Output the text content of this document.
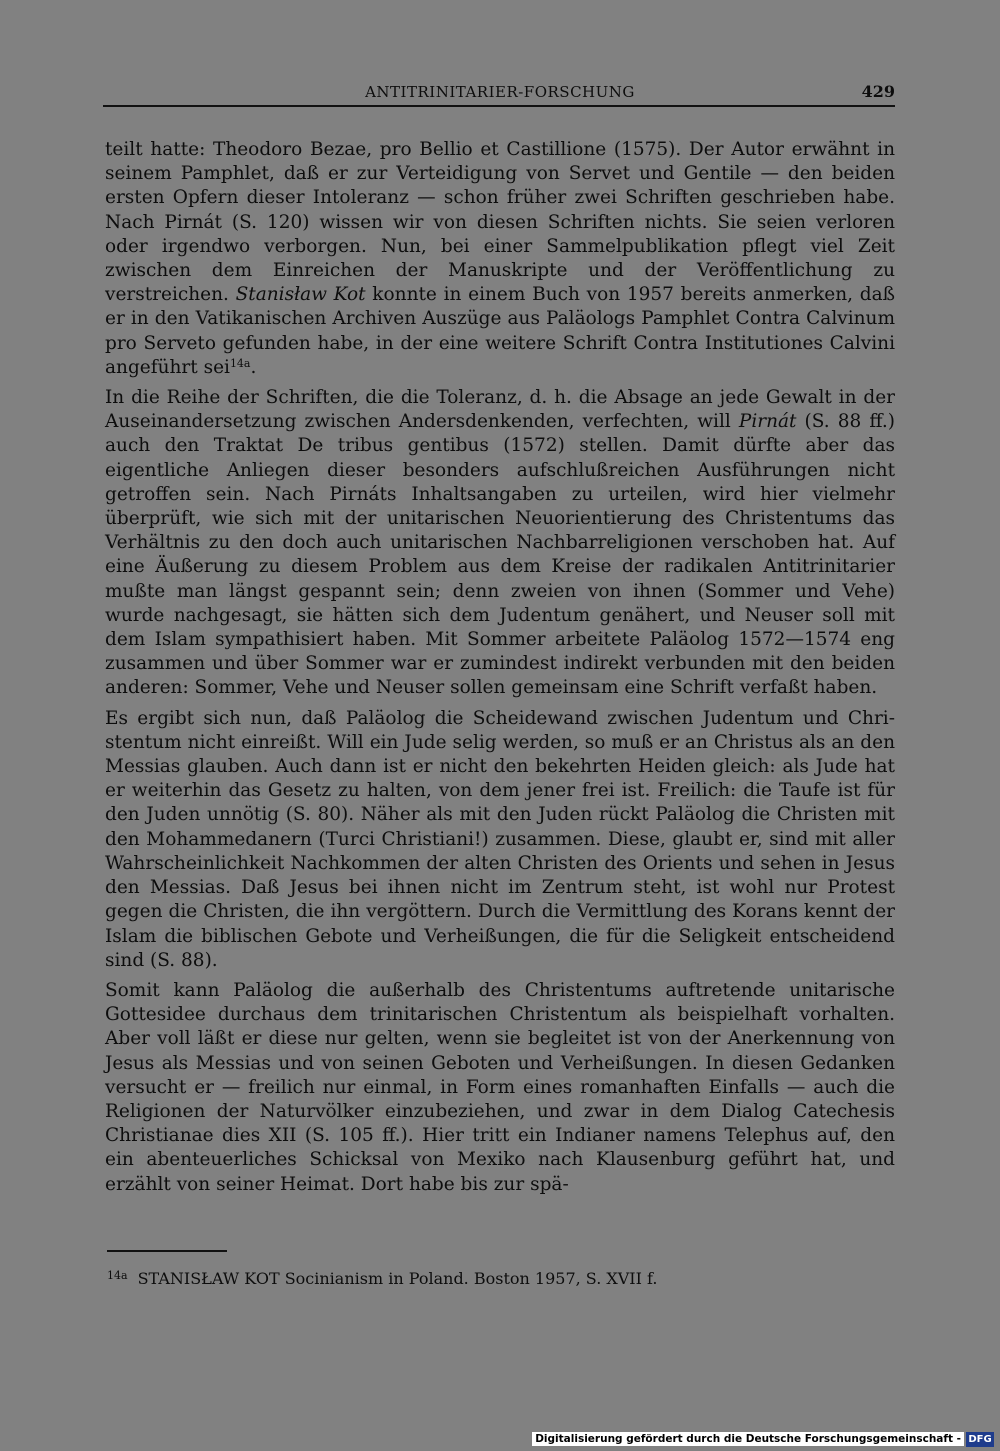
ANTITRINITARIER-FORSCHUNG	429

teilt hatte: Theodoro Bezae, pro Bellio et Castillione (1575). Der Autor erwähnt in seinem Pamphlet, daß er zur Verteidigung von Servet und Gentile — den beiden ersten Opfern dieser Intoleranz — schon früher zwei Schriften geschrieben habe. Nach Pirnát (S. 120) wissen wir von diesen Schriften nichts. Sie seien verloren oder irgendwo verborgen. Nun, bei einer Sammelpublikation pflegt viel Zeit zwischen dem Einreichen der Manuskripte und der Veröffentlichung zu verstreichen. Stanisław Kot konnte in einem Buch von 1957 bereits anmerken, daß er in den Vatikanischen Archiven Auszüge aus Paläologs Pamphlet Contra Calvinum pro Serveto gefunden habe, in der eine weitere Schrift Contra Institutiones Calvini angeführt sei$^{14a}$.

In die Reihe der Schriften, die die Toleranz, d. h. die Absage an jede Gewalt in der Auseinandersetzung zwischen Andersdenkenden, verfechten, will Pirnát (S. 88 ff.) auch den Traktat De tribus gentibus (1572) stellen. Damit dürfte aber das eigentliche Anliegen dieser besonders aufschlußreichen Ausführungen nicht getroffen sein. Nach Pirnáts Inhaltsangaben zu urteilen, wird hier vielmehr überprüft, wie sich mit der unitarischen Neuorientierung des Christentums das Verhältnis zu den doch auch unitarischen Nachbarreligionen verschoben hat. Auf eine Äußerung zu diesem Problem aus dem Kreise der radikalen Antitrinitarier mußte man längst gespannt sein; denn zweien von ihnen (Sommer und Vehe) wurde nachgesagt, sie hätten sich dem Judentum genähert, und Neuser soll mit dem Islam sympathisiert haben. Mit Sommer arbeitete Paläolog 1572—1574 eng zusammen und über Sommer war er zumindest indirekt verbunden mit den beiden anderen: Sommer, Vehe und Neuser sollen gemeinsam eine Schrift verfaßt haben.

Es ergibt sich nun, daß Paläolog die Scheidewand zwischen Judentum und Christentum nicht einreißt. Will ein Jude selig werden, so muß er an Christus als an den Messias glauben. Auch dann ist er nicht den bekehrten Heiden gleich: als Jude hat er weiterhin das Gesetz zu halten, von dem jener frei ist. Freilich: die Taufe ist für den Juden unnötig (S. 80). Näher als mit den Juden rückt Paläolog die Christen mit den Mohammedanern (Turci Christiani!) zusammen. Diese, glaubt er, sind mit aller Wahrscheinlichkeit Nachkommen der alten Christen des Orients und sehen in Jesus den Messias. Daß Jesus bei ihnen nicht im Zentrum steht, ist wohl nur Protest gegen die Christen, die ihn vergöttern. Durch die Vermittlung des Korans kennt der Islam die biblischen Gebote und Verheißungen, die für die Seligkeit entscheidend sind (S. 88).

Somit kann Paläolog die außerhalb des Christentums auftretende unitarische Gottesidee durchaus dem trinitarischen Christentum als beispielhaft vorhalten. Aber voll läßt er diese nur gelten, wenn sie begleitet ist von der Anerkennung von Jesus als Messias und von seinen Geboten und Verheißungen. In diesen Gedanken versucht er — freilich nur einmal, in Form eines romanhaften Einfalls — auch die Religionen der Naturvölker einzubeziehen, und zwar in dem Dialog Catechesis Christianae dies XII (S. 105 ff.). Hier tritt ein Indianer namens Telephus auf, den ein abenteuerliches Schicksal von Mexiko nach Klausenburg geführt hat, und erzählt von seiner Heimat. Dort habe bis zur spä-

$^{14a}$ STANISŁAW KOT Socinianism in Poland. Boston 1957, S. XVII f.
Digitalisierung gefördert durch die Deutsche Forschungsgemeinschaft - DFG
